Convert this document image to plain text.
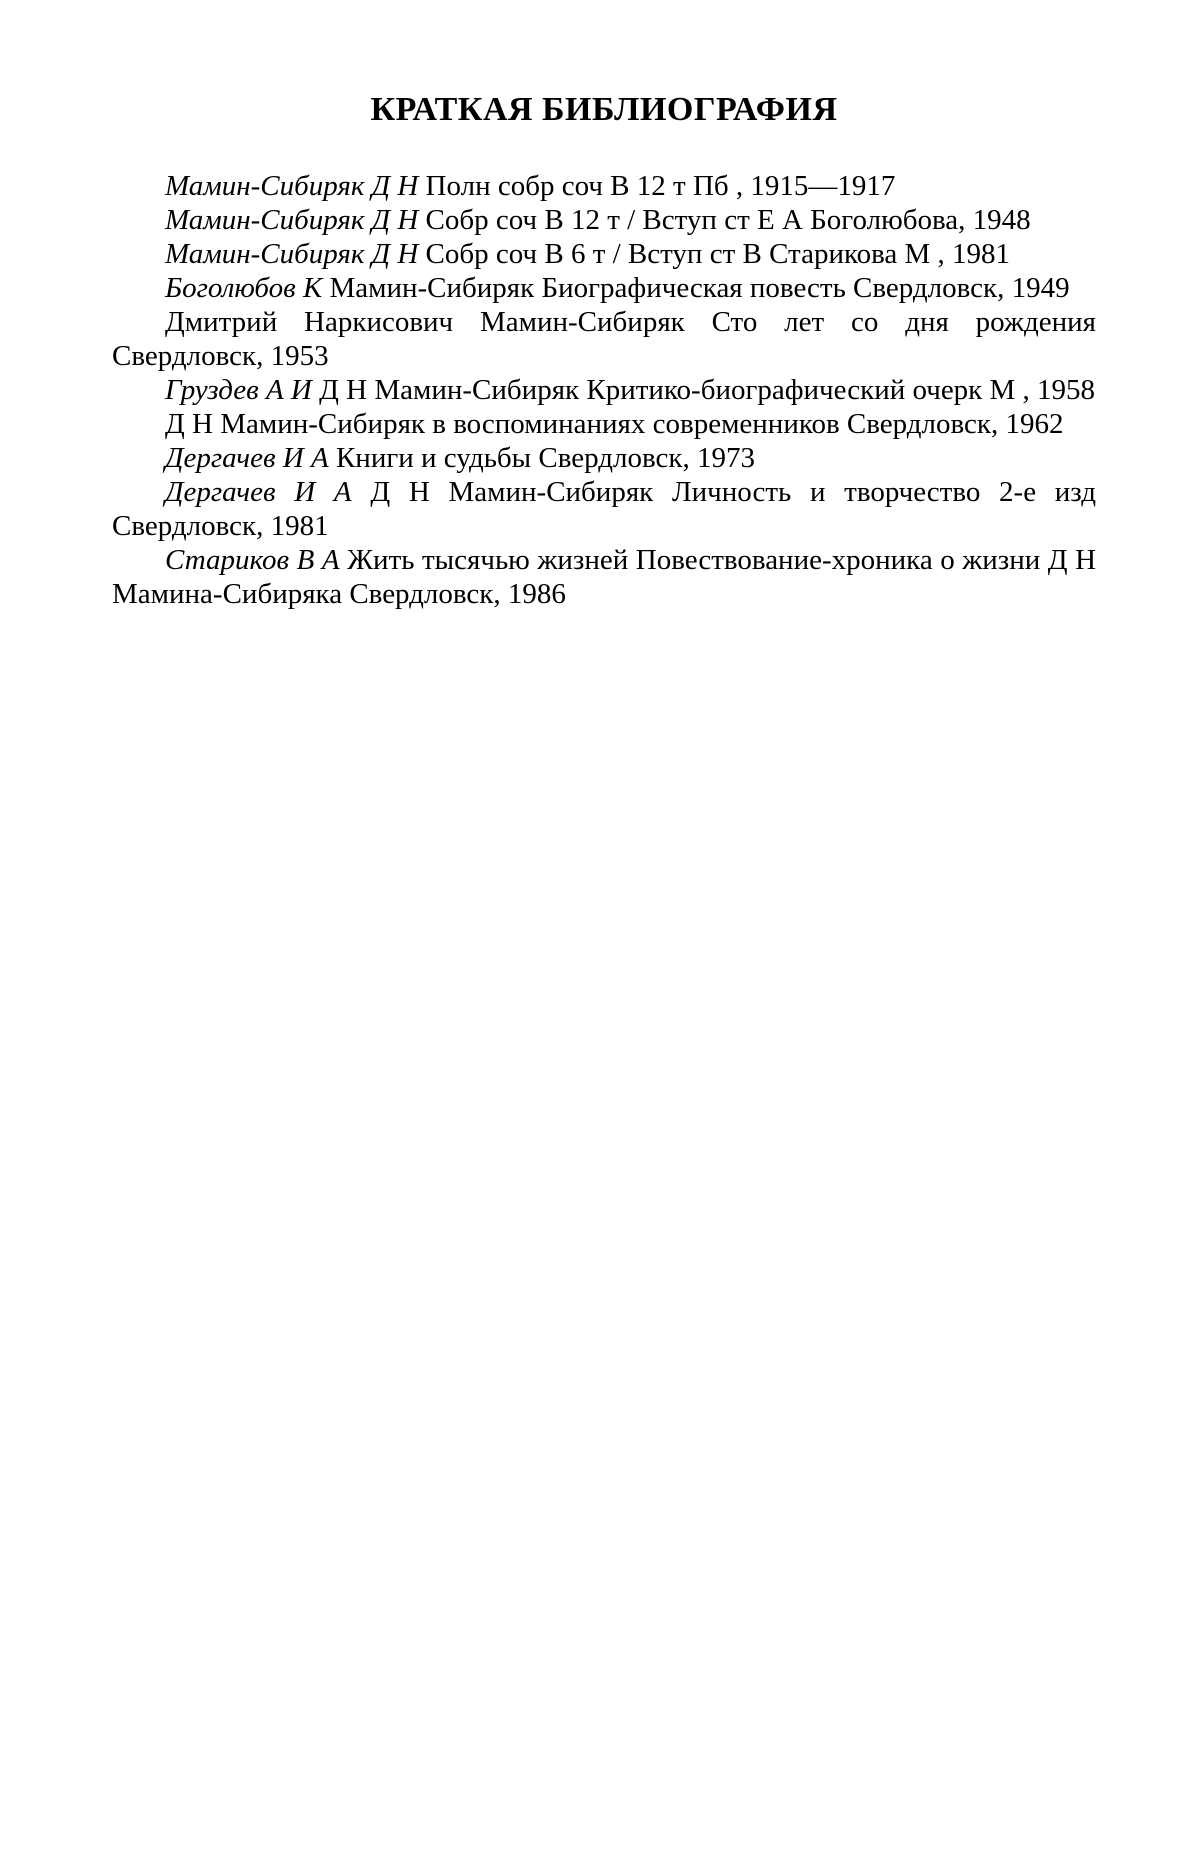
КРАТКАЯ БИБЛИОГРАФИЯ
Мамин-Сибиряк Д Н Полн собр соч В 12 т Пб , 1915—1917
Мамин-Сибиряк Д Н Собр соч В 12 т / Вступ ст Е А Боголюбова, 1948
Мамин-Сибиряк Д Н Собр соч В 6 т / Вступ ст В Старикова М , 1981
Боголюбов К Мамин-Сибиряк Биографическая повесть Свердловск, 1949
Дмитрий Наркисович Мамин-Сибиряк Сто лет со дня рождения Свердловск, 1953
Груздев А И Д Н Мамин-Сибиряк Критико-биографический очерк М , 1958
Д Н Мамин-Сибиряк в воспоминаниях современников Свердловск, 1962
Дергачев И А Книги и судьбы Свердловск, 1973
Дергачев И А Д Н Мамин-Сибиряк Личность и творчество 2-е изд Свердловск, 1981
Стариков В А Жить тысячью жизней Повествование-хроника о жизни Д Н Мамина-Сибиряка Свердловск, 1986
